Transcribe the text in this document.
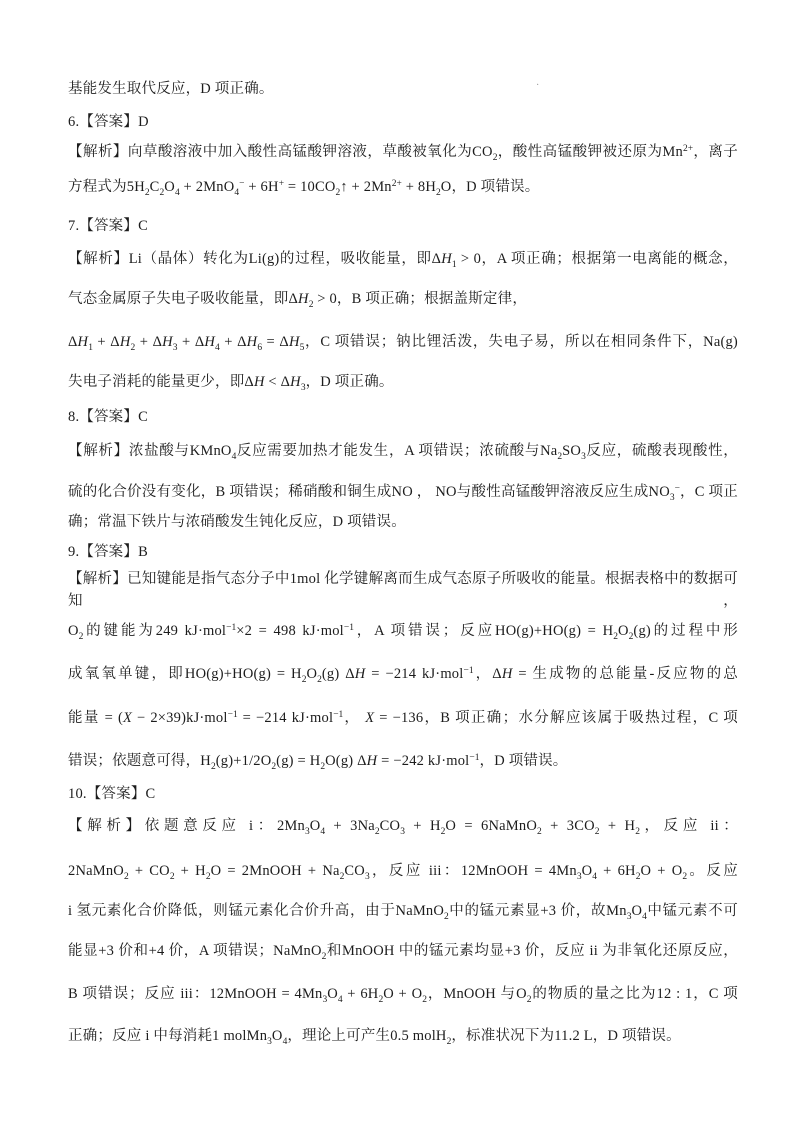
·

基能发生取代反应，D 项正确。

6.【答案】D

【解析】向草酸溶液中加入酸性高锰酸钾溶液，草酸被氧化为$CO_2$，酸性高锰酸钾被还原为$Mn^{2+}$，离子

方程式为$5H_2C_2O_4 + 2MnO_4^- + 6H^+$ = $10CO_2↑ + 2Mn^{2+} + 8H_2O$，D 项错误。

7.【答案】C

【解析】Li（晶体）转化为Li(g)的过程，吸收能量，即$\Delta H_1 > 0$，A 项正确；根据第一电离能的概念，

气态金属原子失电子吸收能量，即$\Delta H_2 > 0$，B 项正确；根据盖斯定律，

$\Delta H_1 + \Delta H_2 + \Delta H_3 + \Delta H_4 + \Delta H_6 = \Delta H_5$，C 项错误；钠比锂活泼，失电子易，所以在相同条件下，Na(g)

失电子消耗的能量更少，即$\Delta H < \Delta H_3$，D 项正确。

8.【答案】C

【解析】浓盐酸与KMnO$_4$反应需要加热才能发生，A 项错误；浓硫酸与$Na_2SO_3$反应，硫酸表现酸性，

硫的化合价没有变化，B 项错误；稀硝酸和铜生成NO ， NO与酸性高锰酸钾溶液反应生成$NO_3^-$，C 项正

确；常温下铁片与浓硝酸发生钝化反应，D 项错误。

9.【答案】B

【解析】已知键能是指气态分子中1mol 化学键解离而生成气态原子所吸收的能量。根据表格中的数据可知，

$O_2$的键能为249 kJ·mol$^{-1}$×2 = 498 kJ·mol$^{-1}$，A 项错误；反应$HO(g)+HO(g) = H_2O_2(g)$的过程中形

成氧氧单键，即$HO(g)+HO(g) = H_2O_2(g) \Delta H = -214$ kJ·mol$^{-1}$，ΔH = 生成物的总能量-反应物的总

能量 = (X − 2×39)kJ·mol$^{-1}$ = −214 kJ·mol$^{-1}$， X = −136，B 项正确；水分解应该属于吸热过程，C 项

错误；依题意可得，$H_2(g)+1/2O_2(g) = H_2O(g) \Delta H = -242$ kJ·mol$^{-1}$，D 项错误。

10.【答案】C

【解析】依题意反应 i：$2Mn_3O_4 + 3Na_2CO_3 + H_2O$ = 6NaMnO$_2$ + $3CO_2 + H_2$，反应 ii：

2NaMnO$_2$ + $CO_2 + H_2O$ = 2MnOOH + $Na_2CO_3$，反应 iii：12MnOOH = $4Mn_3O_4 + 6H_2O + O_2$。反应

i 氢元素化合价降低，则锰元素化合价升高，由于NaMnO$_2$中的锰元素显+3 价，故$Mn_3O_4$中锰元素不可

能显+3 价和+4 价，A 项错误；NaMnO$_2$和MnOOH 中的锰元素均显+3 价，反应 ii 为非氧化还原反应，

B 项错误；反应 iii：12MnOOH = $4Mn_3O_4 + 6H_2O + O_2$，MnOOH 与$O_2$的物质的量之比为12 : 1，C 项

正确；反应 i 中每消耗1 $molMn_3O_4$，理论上可产生0.5 molH$_2$，标准状况下为11.2 L，D 项错误。
